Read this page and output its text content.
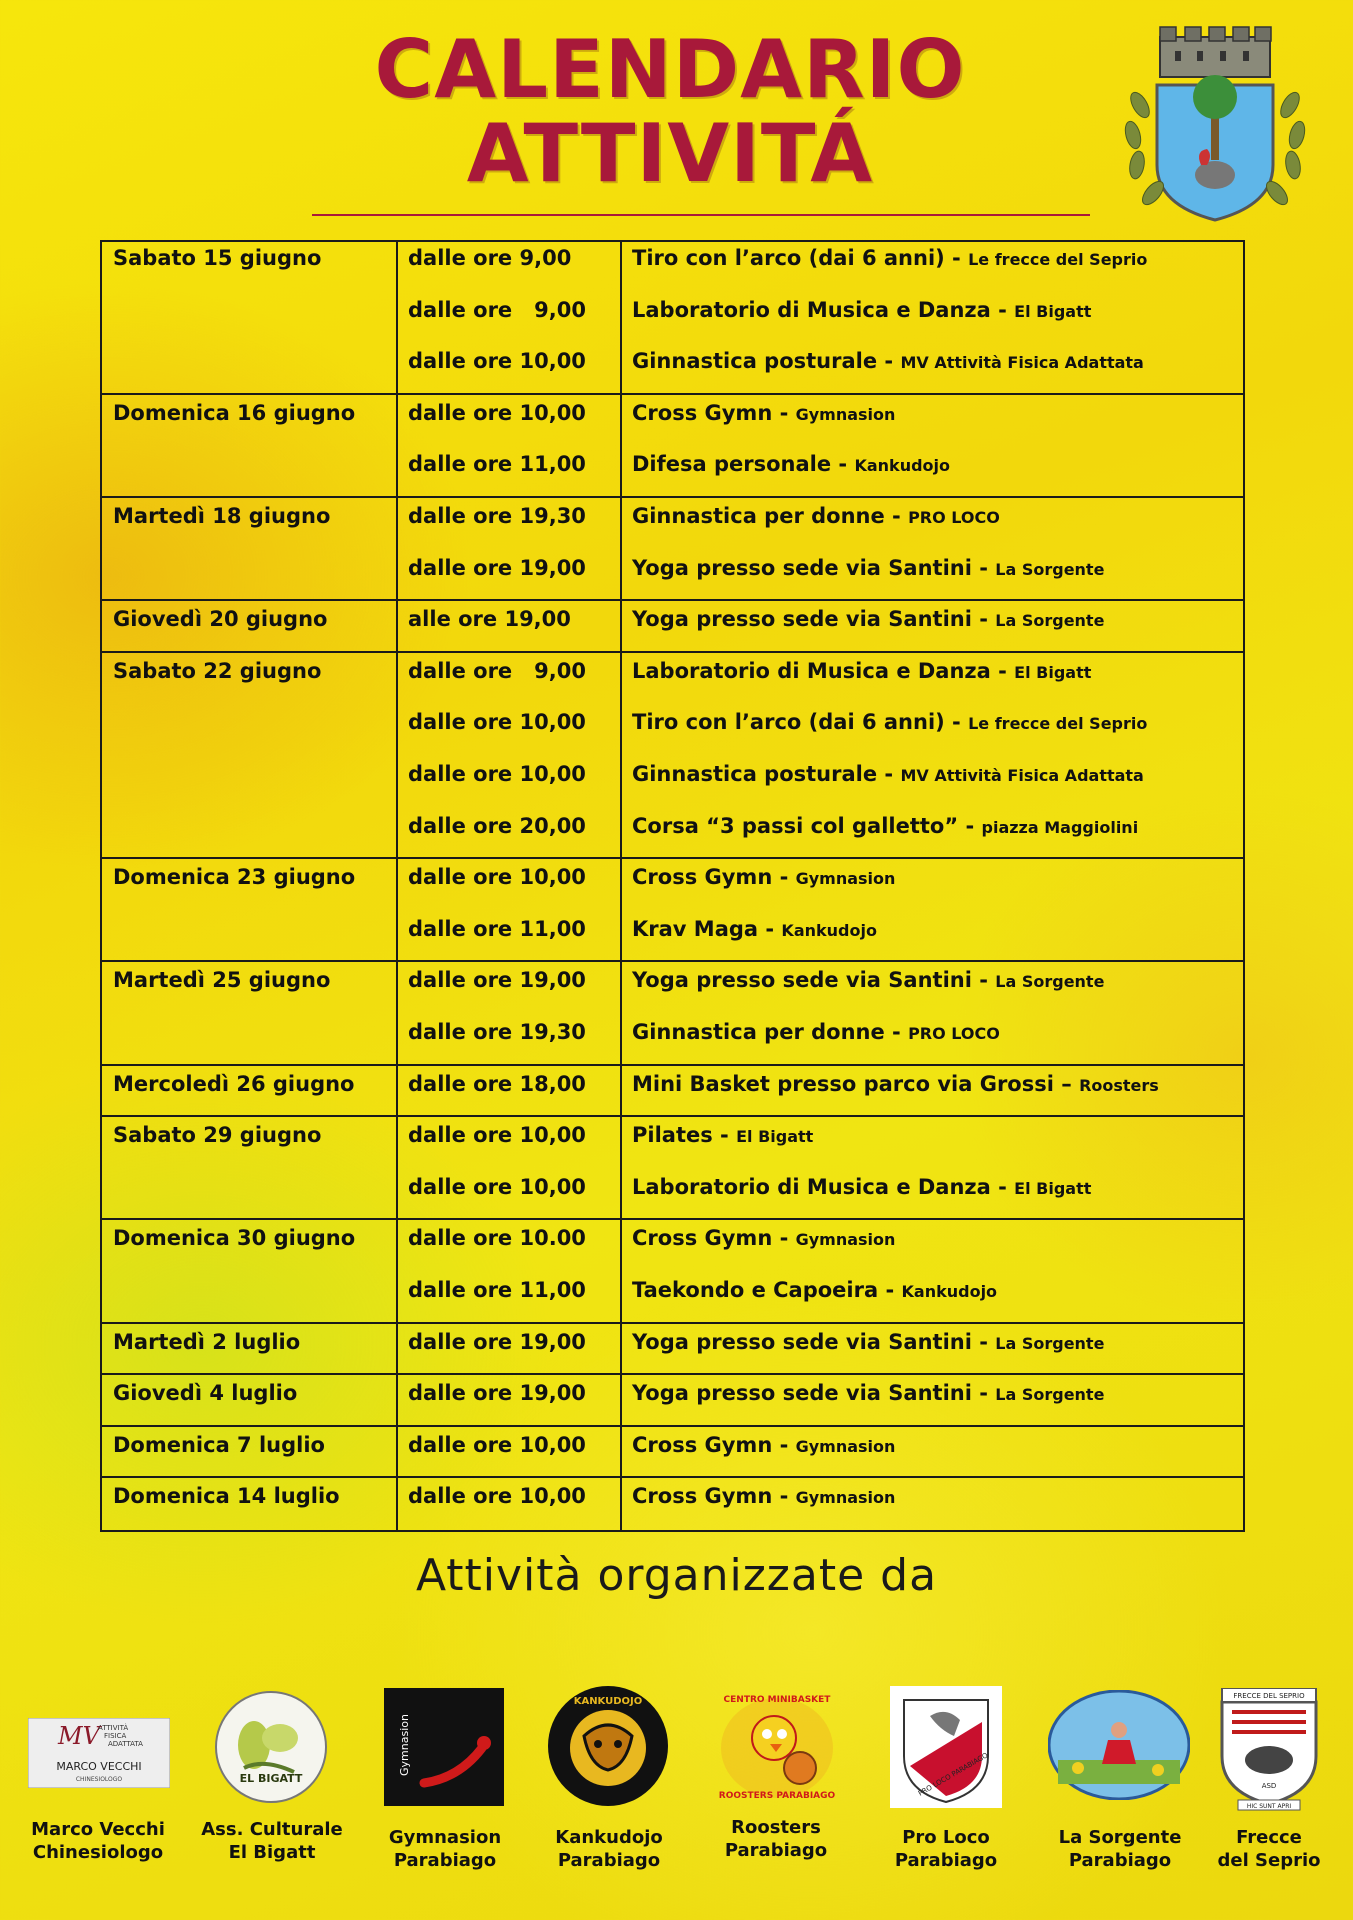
CALENDARIO
ATTIVITÁ
Sabato 15 giugno	dalle ore 9,00	Tiro con l’arco (dai 6 anni) - Le frecce del Seprio
dalle ore   9,00 Laboratorio di Musica e Danza - El Bigatt
dalle ore 10,00 Ginnastica posturale - MV Attività Fisica Adattata
Domenica 16 giugno	dalle ore 10,00 Cross Gymn - Gymnasion
dalle ore 11,00 Difesa personale - Kankudojo
Martedì 18 giugno	dalle ore 19,30 Ginnastica per donne - PRO LOCO
dalle ore 19,00 Yoga presso sede via Santini - La Sorgente
Giovedì 20 giugno	alle ore 19,00	Yoga presso sede via Santini - La Sorgente
Sabato 22 giugno	dalle ore   9,00 Laboratorio di Musica e Danza - El Bigatt
dalle ore 10,00 Tiro con l’arco (dai 6 anni) - Le frecce del Seprio
dalle ore 10,00 Ginnastica posturale - MV Attività Fisica Adattata
dalle ore 20,00 Corsa “3 passi col galletto” - piazza Maggiolini
Domenica 23 giugno	dalle ore 10,00 Cross Gymn - Gymnasion
dalle ore 11,00 Krav Maga - Kankudojo
Martedì 25 giugno	dalle ore 19,00 Yoga presso sede via Santini - La Sorgente
dalle ore 19,30 Ginnastica per donne - PRO LOCO
Mercoledì 26 giugno	dalle ore 18,00 Mini Basket presso parco via Grossi – Roosters
Sabato 29 giugno	dalle ore 10,00 Pilates - El Bigatt
dalle ore 10,00 Laboratorio di Musica e Danza - El Bigatt
Domenica 30 giugno	dalle ore 10.00 Cross Gymn - Gymnasion
dalle ore 11,00 Taekondo e Capoeira - Kankudojo
Martedì 2 luglio	dalle ore 19,00 Yoga presso sede via Santini - La Sorgente
Giovedì 4 luglio	dalle ore 19,00 Yoga presso sede via Santini - La Sorgente
Domenica 7 luglio	dalle ore 10,00 Cross Gymn - Gymnasion
Domenica 14 luglio	dalle ore 10,00 Cross Gymn - Gymnasion
Attività organizzate da
MV
ATTIVITÀ
FISICA
ADATTATA
MARCO VECCHI
CHINESIOLOGO	EL BIGATT
Gymnasion
KANKUDOJO	CENTRO MINIBASKET
ROOSTERS PARABIAGO	PRO LOCO PARABIAGO
FRECCE DEL SEPRIO
ASD
HIC SUNT APRI
Marco Vecchi
Chinesiologo
Ass. Culturale
El Bigatt
Gymnasion
Parabiago
Kankudojo
Parabiago
Roosters
Parabiago
Pro Loco
Parabiago
La Sorgente
Parabiago
Frecce
del Seprio
